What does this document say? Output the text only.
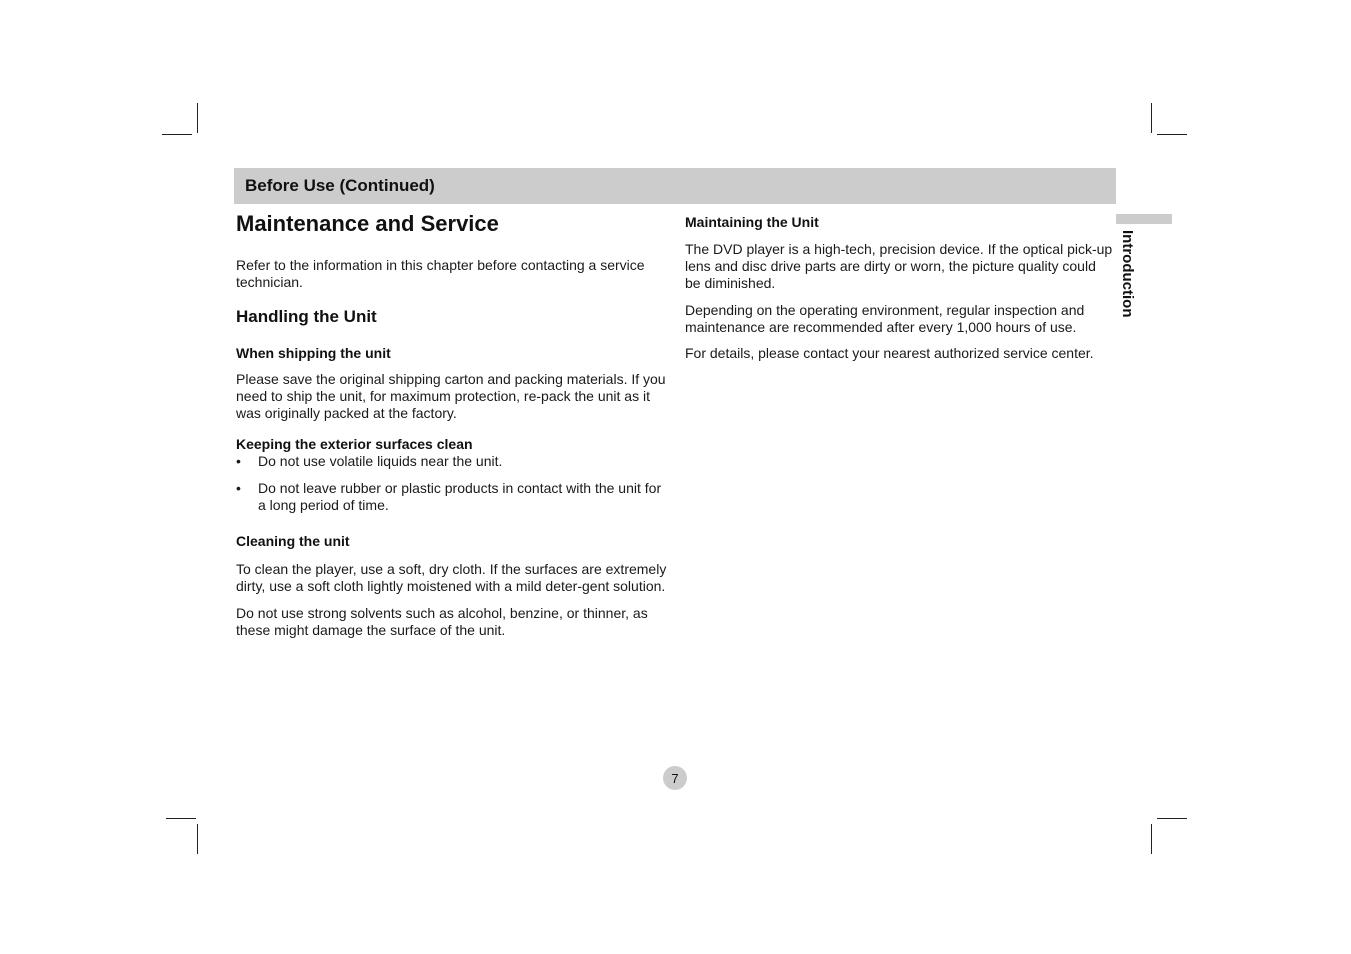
Before Use (Continued)
Introduction
Maintenance and Service

Refer to the information in this chapter before contacting a service technician.

Handling the Unit
When shipping the unit

Please save the original shipping carton and packing materials. If you need to ship the unit, for maximum protection, re-pack the unit as it was originally packed at the factory.

Keeping the exterior surfaces clean
• Do not use volatile liquids near the unit.
• Do not leave rubber or plastic products in contact with the unit for a long period of time.
Cleaning the unit

To clean the player, use a soft, dry cloth. If the surfaces are extremely dirty, use a soft cloth lightly moistened with a mild deter-gent solution.

Do not use strong solvents such as alcohol, benzine, or thinner, as these might damage the surface of the unit.

Maintaining the Unit

The DVD player is a high-tech, precision device. If the optical pick-up lens and disc drive parts are dirty or worn, the picture quality could be diminished.

Depending on the operating environment, regular inspection and maintenance are recommended after every 1,000 hours of use.

For details, please contact your nearest authorized service center.

7
